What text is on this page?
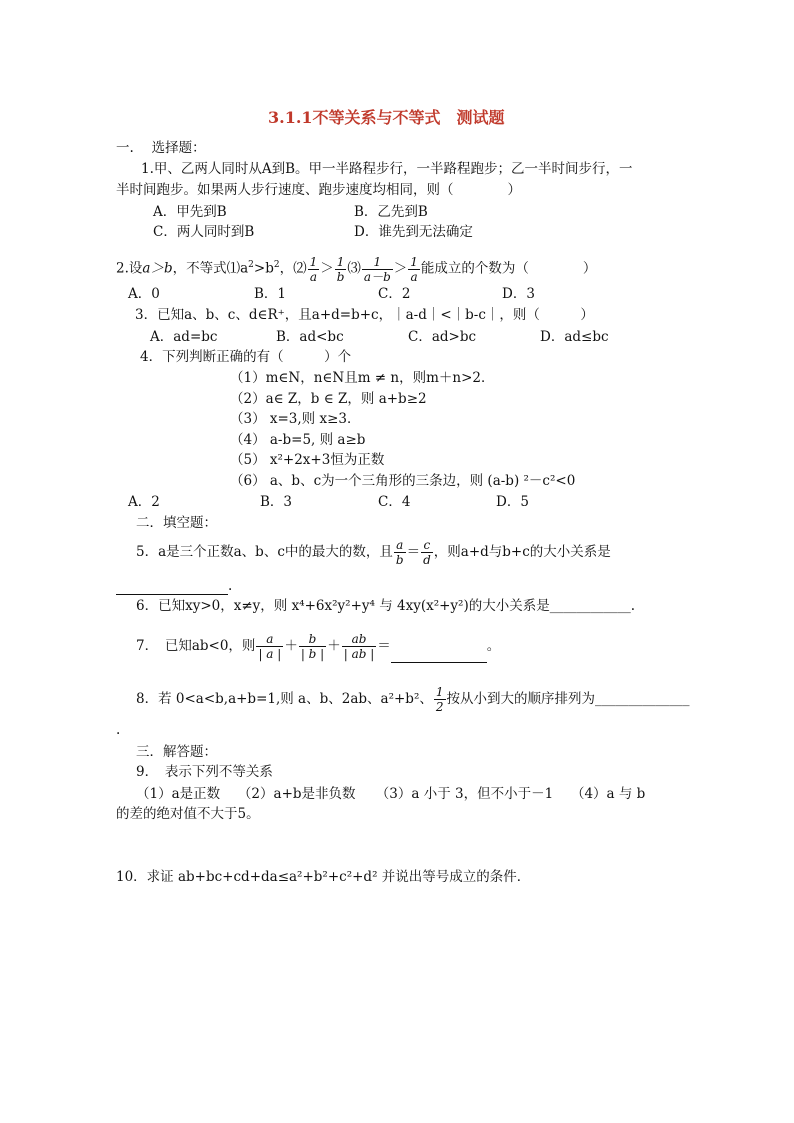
3.1.1不等关系与不等式　测试题
一.　 选择题：
1.甲、乙两人同时从A到B。甲一半路程步行，一半路程跑步；乙一半时间步行，一
半时间跑步。如果两人步行速度、跑步速度均相同，则（　　　　）
A．甲先到B	B．乙先到B
C．两人同时到B	D．谁先到无法确定
2.设a＞b，不等式$⑴a^2>b^2$，⑵ $\frac{1}{a} > \frac{1}{b}$ ⑶ $\frac{1}{a-b} > \frac{1}{a}$ 能成立的个数为（　　　　）
A．0	B．1	C．2	D．3
3．已知a、b、c、d∈R⁺，且a+d=b+c，｜a-d｜<｜b-c｜，则（　　　）
A．ad=bc	B．ad<bc	C．ad>bc	D．ad≤bc
4．下列判断正确的有（　　　）个
（1）m∈N，n∈N且m ≠ n，则m＋n>2．
（2）a∈ Z，b ∈ Z，则 a+b≥2
（3） x=3,则 x≥3．
（4） a-b=5, 则 a≥b
（5） x²+2x+3恒为正数
（6） a、b、c为一个三角形的三条边，则 (a-b) ²－c²<0
A．2	B．3	C．4	D．5
二．填空题：
5．a是三个正数a、b、c中的最大的数，且 $\frac{a}{b} = \frac{c}{d}$ ，则a+d与b+c的大小关系是
.
6．已知xy>0，x≠y，则 x⁴+6x²y²+y⁴ 与 4xy(x²+y²)的大小关系是____________.
7．　已知ab<0，则 $\frac{a}{| a |} + \frac{b}{| b |} + \frac{ab}{| ab |}$ ＝	。
8．若 0<a<b,a+b=1,则 a、b、2ab、a²+b²、 $\frac{1}{2}$ 按从小到大的顺序排列为______________
.
三．解答题：
9．　表示下列不等关系
（1）a是正数　 （2）a+b是非负数　　（3）a 小于 3，但不小于－1　 （4）a 与 b
的差的绝对值不大于5。
10．求证 ab+bc+cd+da≤a²+b²+c²+d² 并说出等号成立的条件．
